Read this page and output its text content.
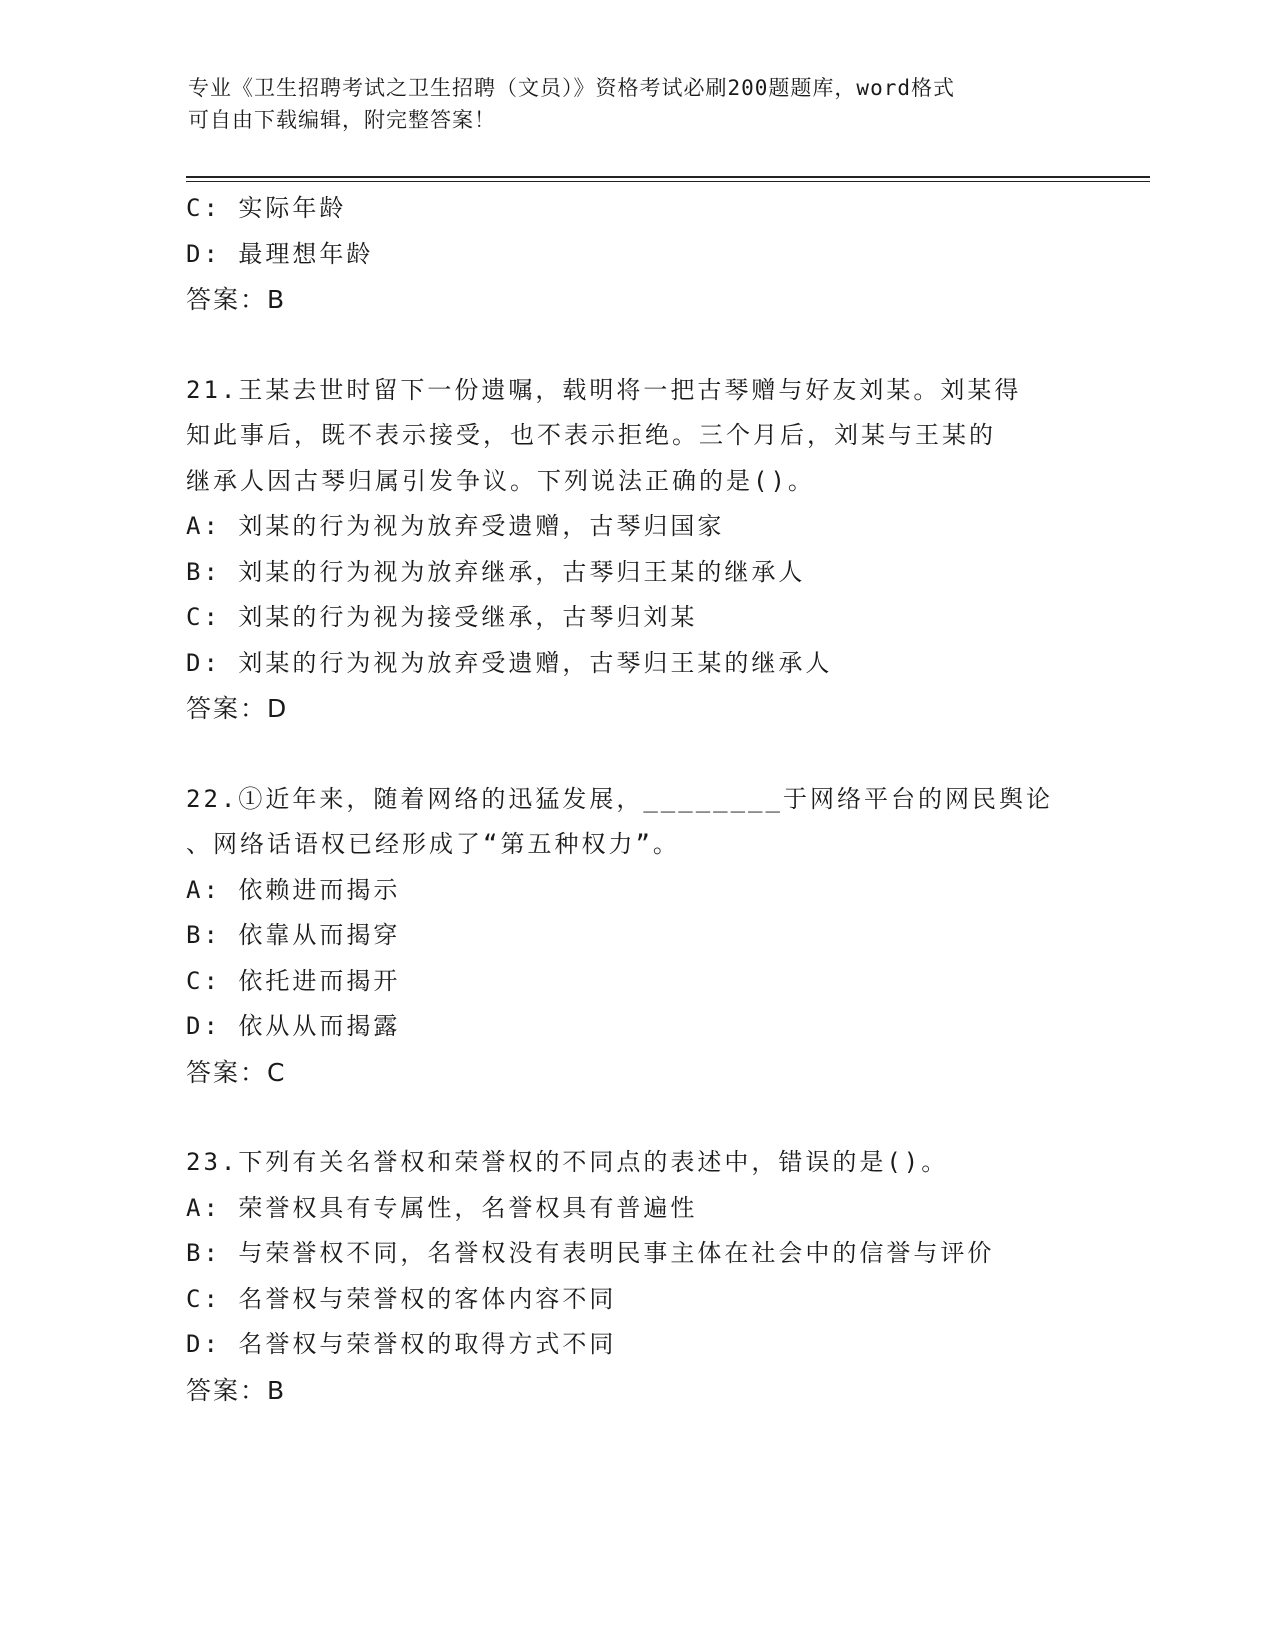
专业《卫生招聘考试之卫生招聘（文员）》资格考试必刷200题题库，word格式
可自由下载编辑，附完整答案！
C: 实际年龄
D: 最理想年龄
答案：B
21.王某去世时留下一份遗嘱，载明将一把古琴赠与好友刘某。刘某得
知此事后，既不表示接受，也不表示拒绝。三个月后，刘某与王某的
继承人因古琴归属引发争议。下列说法正确的是()。
A: 刘某的行为视为放弃受遗赠，古琴归国家
B: 刘某的行为视为放弃继承，古琴归王某的继承人
C: 刘某的行为视为接受继承，古琴归刘某
D: 刘某的行为视为放弃受遗赠，古琴归王某的继承人
答案：D
22.①近年来，随着网络的迅猛发展，________于网络平台的网民舆论
、网络话语权已经形成了“第五种权力”。
A: 依赖进而揭示
B: 依靠从而揭穿
C: 依托进而揭开
D: 依从从而揭露
答案：C
23.下列有关名誉权和荣誉权的不同点的表述中，错误的是()。
A: 荣誉权具有专属性，名誉权具有普遍性
B: 与荣誉权不同，名誉权没有表明民事主体在社会中的信誉与评价
C: 名誉权与荣誉权的客体内容不同
D: 名誉权与荣誉权的取得方式不同
答案：B
